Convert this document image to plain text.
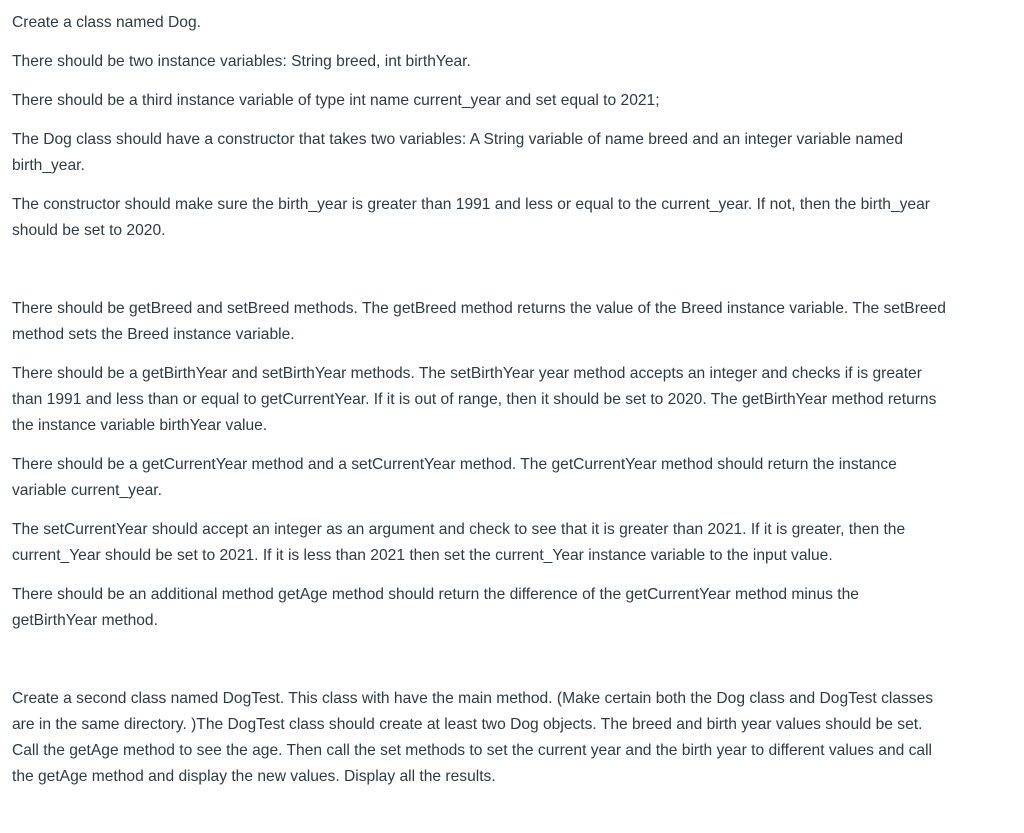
Create a class named Dog.

There should be two instance variables: String breed, int birthYear.

There should be a third instance variable of type int name current_year and set equal to 2021;

The Dog class should have a constructor that takes two variables: A String variable of name breed and an integer variable named birth_year.

The constructor should make sure the birth_year is greater than 1991 and less or equal to the current_year. If not, then the birth_year should be set to 2020.

There should be getBreed and setBreed methods. The getBreed method returns the value of the Breed instance variable. The setBreed method sets the Breed instance variable.

There should be a getBirthYear and setBirthYear methods. The setBirthYear year method accepts an integer and checks if is greater than 1991 and less than or equal to getCurrentYear. If it is out of range, then it should be set to 2020. The getBirthYear method returns the instance variable birthYear value.

There should be a getCurrentYear method and a setCurrentYear method. The getCurrentYear method should return the instance variable current_year.

The setCurrentYear should accept an integer as an argument and check to see that it is greater than 2021. If it is greater, then the current_Year should be set to 2021. If it is less than 2021 then set the current_Year instance variable to the input value.

There should be an additional method getAge method should return the difference of the getCurrentYear method minus the getBirthYear method.

Create a second class named DogTest. This class with have the main method. (Make certain both the Dog class and DogTest classes are in the same directory. )The DogTest class should create at least two Dog objects. The breed and birth year values should be set. Call the getAge method to see the age. Then call the set methods to set the current year and the birth year to different values and call the getAge method and display the new values. Display all the results.
